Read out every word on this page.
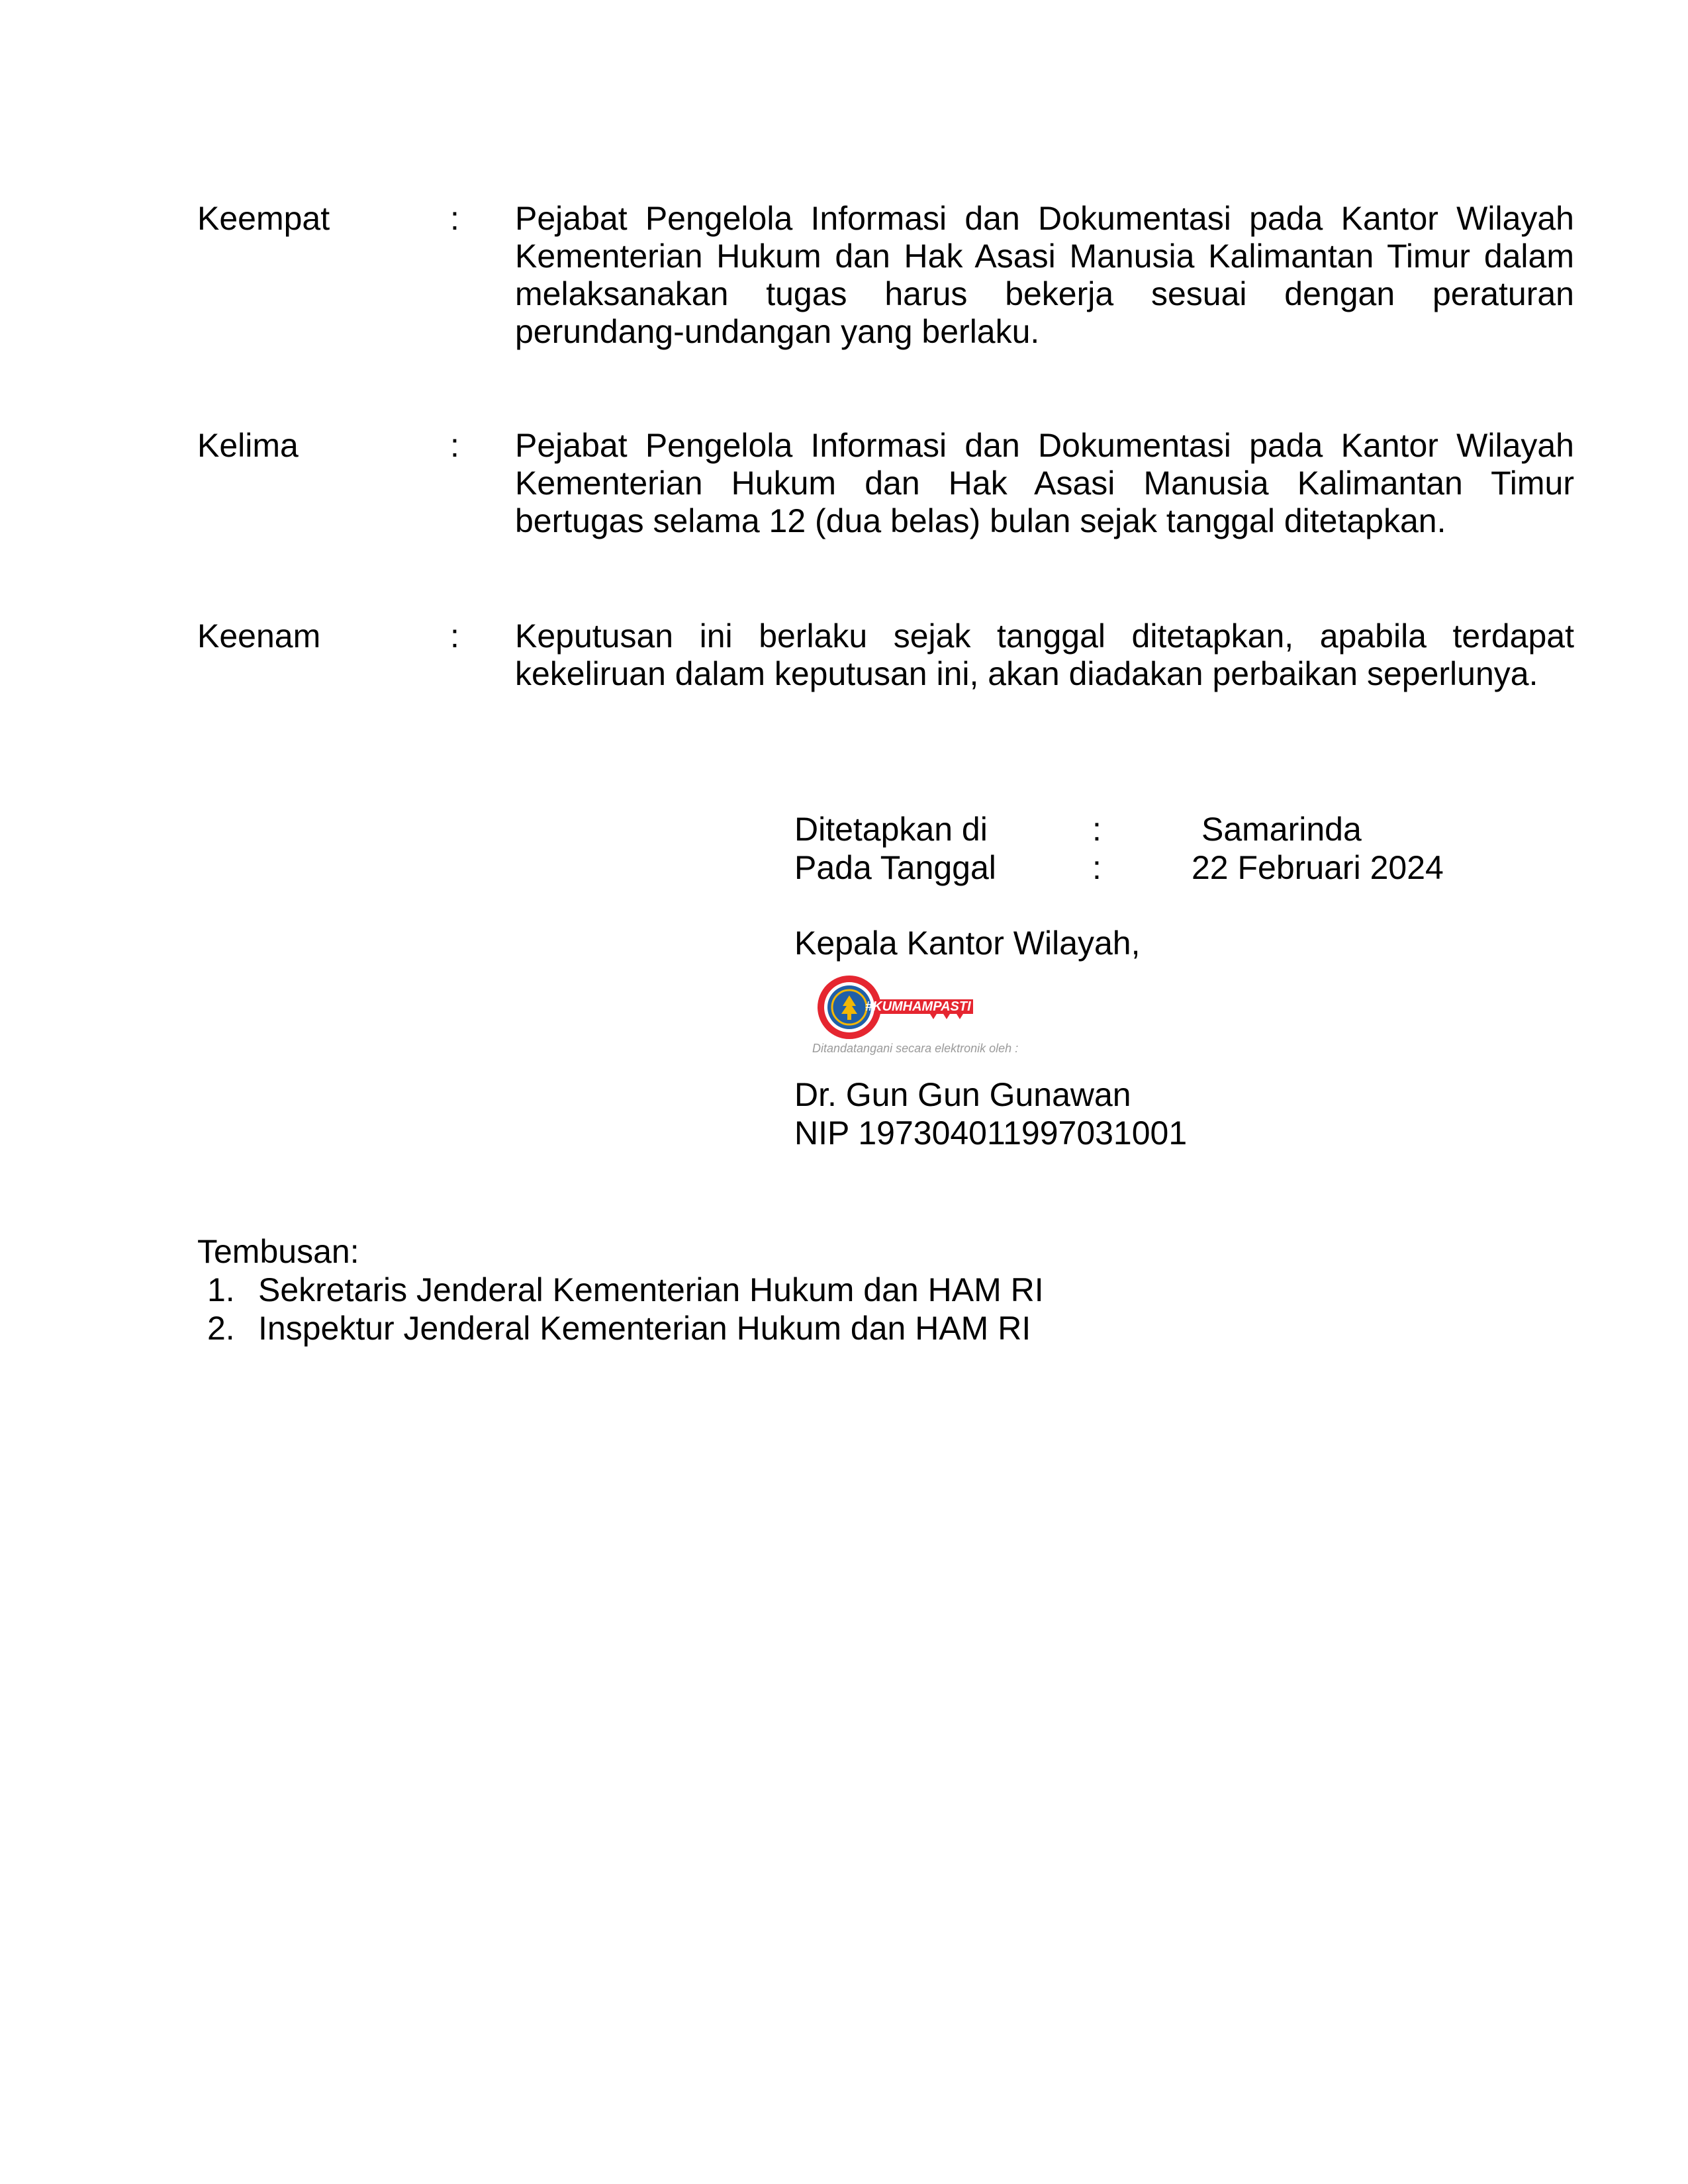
Keempat	: Pejabat Pengelola Informasi dan Dokumentasi pada Kantor Wilayah Kementerian Hukum dan Hak Asasi Manusia Kalimantan Timur dalam melaksanakan tugas harus bekerja sesuai dengan peraturan perundang-undangan yang berlaku.
Kelima	: Pejabat Pengelola Informasi dan Dokumentasi pada Kantor Wilayah Kementerian Hukum dan Hak Asasi Manusia Kalimantan Timur bertugas selama 12 (dua belas) bulan sejak tanggal ditetapkan.
Keenam	: Keputusan ini berlaku sejak tanggal ditetapkan, apabila terdapat kekeliruan dalam keputusan ini, akan diadakan perbaikan seperlunya.
Ditetapkan di	:	Samarinda
Pada Tanggal	:	22 Februari 2024
Kepala Kantor Wilayah,
#KUMHAMPASTI
Ditandatangani secara elektronik oleh :
Dr. Gun Gun Gunawan
NIP 197304011997031001
Tembusan:
1. Sekretaris Jenderal Kementerian Hukum dan HAM RI
2. Inspektur Jenderal Kementerian Hukum dan HAM RI
